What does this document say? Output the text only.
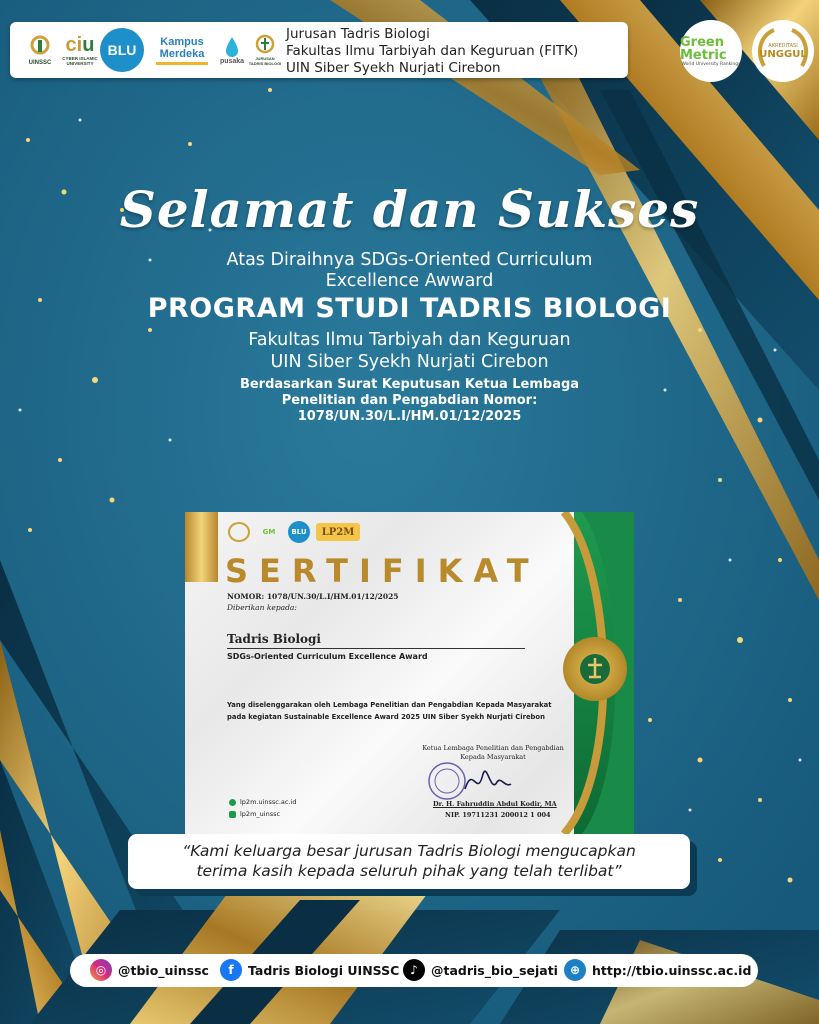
UINSSC
ciu
CYBER ISLAMIC UNIVERSITY
BLU
Kampus Merdeka
pusaka	JURUSAN TADRIS BIOLOGI
Jurusan Tadris Biologi
Fakultas Ilmu Tarbiyah dan Keguruan (FITK)
UIN Siber Syekh Nurjati Cirebon
Green Metric
World University Rankings
AKREDITASI
UNGGUL
Selamat dan Sukses
Atas Diraihnya SDGs-Oriented Curriculum
Excellence Awward
PROGRAM STUDI TADRIS BIOLOGI
Fakultas Ilmu Tarbiyah dan Keguruan
UIN Siber Syekh Nurjati Cirebon
Berdasarkan Surat Keputusan Ketua Lembaga
Penelitian dan Pengabdian Nomor:
1078/UN.30/L.I/HM.01/12/2025
GM	BLU	LP2M
SERTIFIKAT
NOMOR: 1078/UN.30/L.I/HM.01/12/2025
Diberikan kepada:
Tadris Biologi
SDGs-Oriented Curriculum Excellence Award
Yang diselenggarakan oleh Lembaga Penelitian dan Pengabdian Kepada Masyarakat
pada kegiatan Sustainable Excellence Award 2025 UIN Siber Syekh Nurjati Cirebon
Ketua Lembaga Penelitian dan Pengabdian
Kepada Masyarakat
Dr. H. Fahruddin Abdul Kodir, MA
NIP. 19711231 200012 1 004
lp2m.uinssc.ac.id
lp2m_uinssc
“Kami keluarga besar jurusan Tadris Biologi mengucapkan
terima kasih kepada seluruh pihak yang telah terlibat”
◎ @tbio_uinssc	f	Tadris Biologi UINSSC ♪	@tadris_bio_sejati	⊕ http://tbio.uinssc.ac.id
